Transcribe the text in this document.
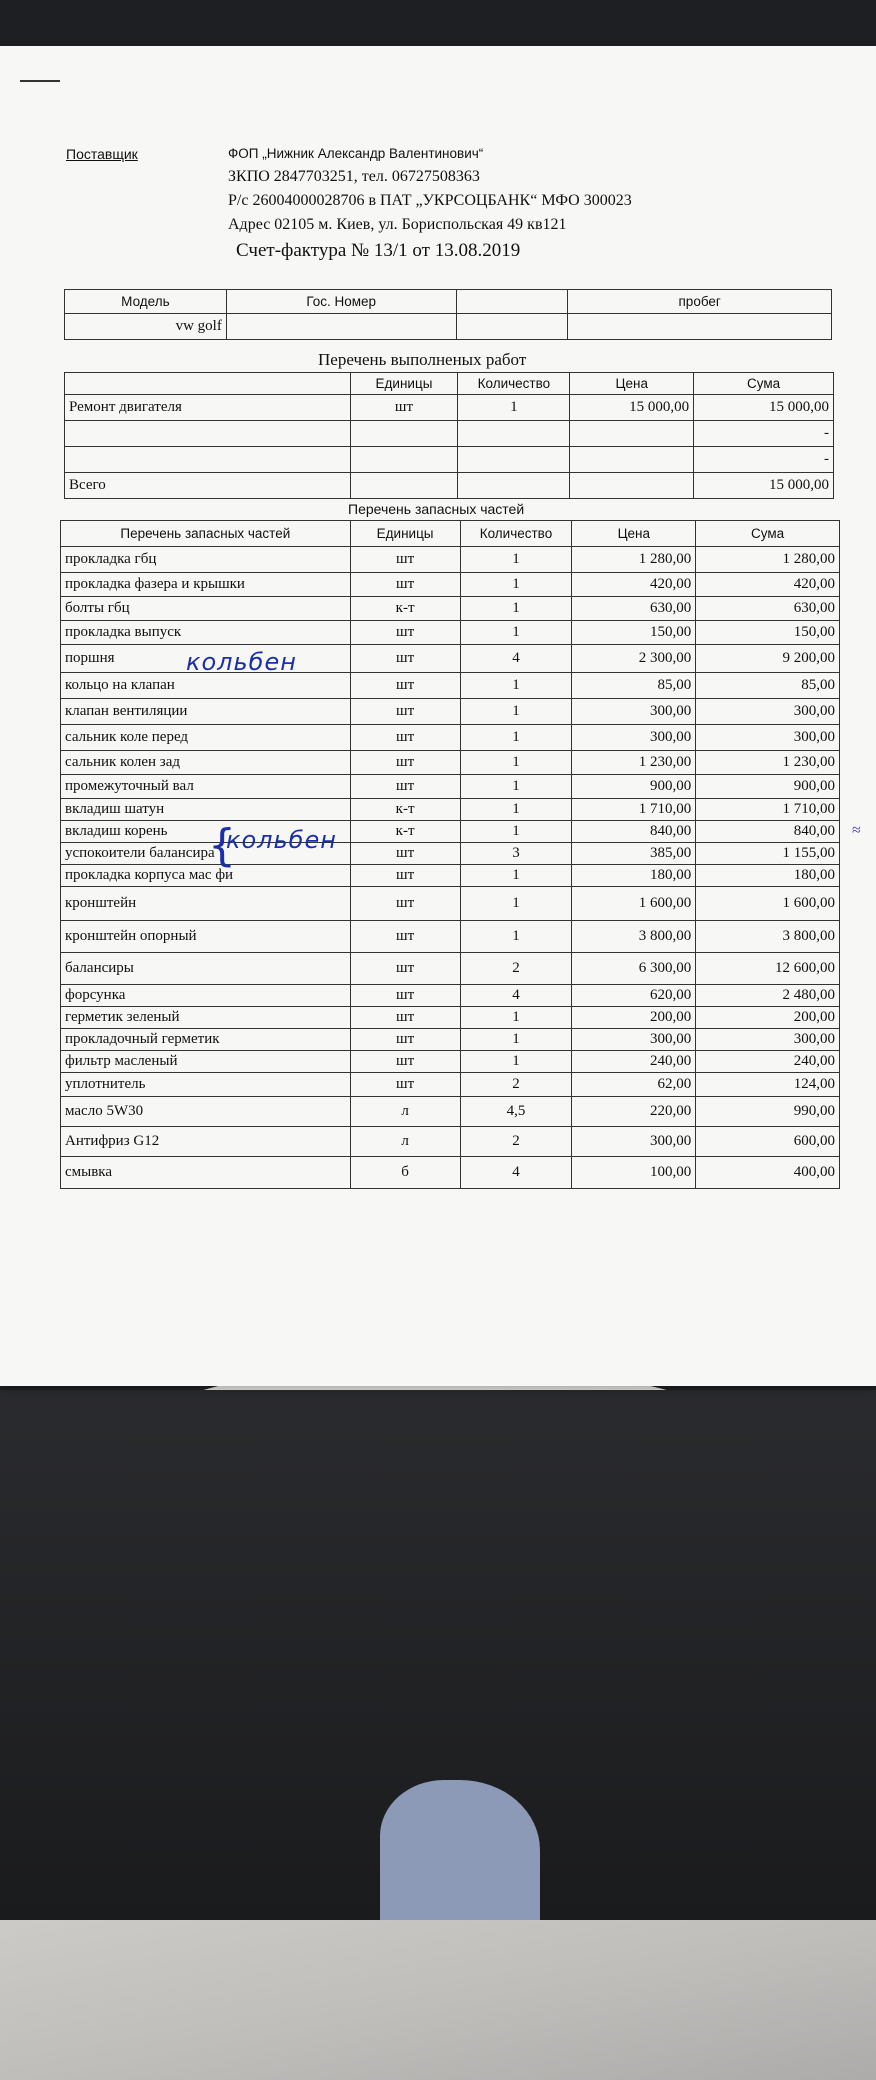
Поставщик	ФОП „Нижник Александр Валентинович“
ЗКПО 2847703251, тел. 06727508363
Р/с 26004000028706 в ПАТ „УКРСОЦБАНК“ МФО 300023
Адрес 02105 м. Киев, ул. Бориспольская 49 кв121
Счет-фактура № 13/1 от 13.08.2019
Модель	Гос. Номер		пробег
vw golf			
Перечень выполненых работ
	Единицы	Количество	Цена	Сума
Ремонт двигателя	шт	1	15 000,00	15 000,00
				-
				-
Всего				15 000,00
Перечень запасных частей
Перечень запасных частей	Единицы	Количество	Цена	Сума
прокладка гбц	шт	1	1 280,00	1 280,00
прокладка фазера и крышки	шт	1	420,00	420,00
болты гбц	к-т	1	630,00	630,00
прокладка выпуск	шт	1	150,00	150,00
поршня	шт	4	2 300,00	9 200,00
кольцо на клапан	шт	1	85,00	85,00
клапан вентиляции	шт	1	300,00	300,00
сальник коле перед	шт	1	300,00	300,00
сальник колен зад	шт	1	1 230,00	1 230,00
промежуточный вал	шт	1	900,00	900,00
вкладиш шатун	к-т	1	1 710,00	1 710,00
вкладиш корень	к-т	1	840,00	840,00
успокоители балансира	шт	3	385,00	1 155,00
прокладка корпуса мас фи	шт	1	180,00	180,00
кронштейн	шт	1	1 600,00	1 600,00
кронштейн опорный	шт	1	3 800,00	3 800,00
балансиры	шт	2	6 300,00	12 600,00
форсунка	шт	4	620,00	2 480,00
герметик зеленый	шт	1	200,00	200,00
прокладочный герметик	шт	1	300,00	300,00
фильтр масленый	шт	1	240,00	240,00
уплотнитель	шт	2	62,00	124,00
масло 5W30	л	4,5	220,00	990,00
Антифриз G12	л	2	300,00	600,00
смывка	б	4	100,00	400,00
кольбен
{
кольбен	≈
